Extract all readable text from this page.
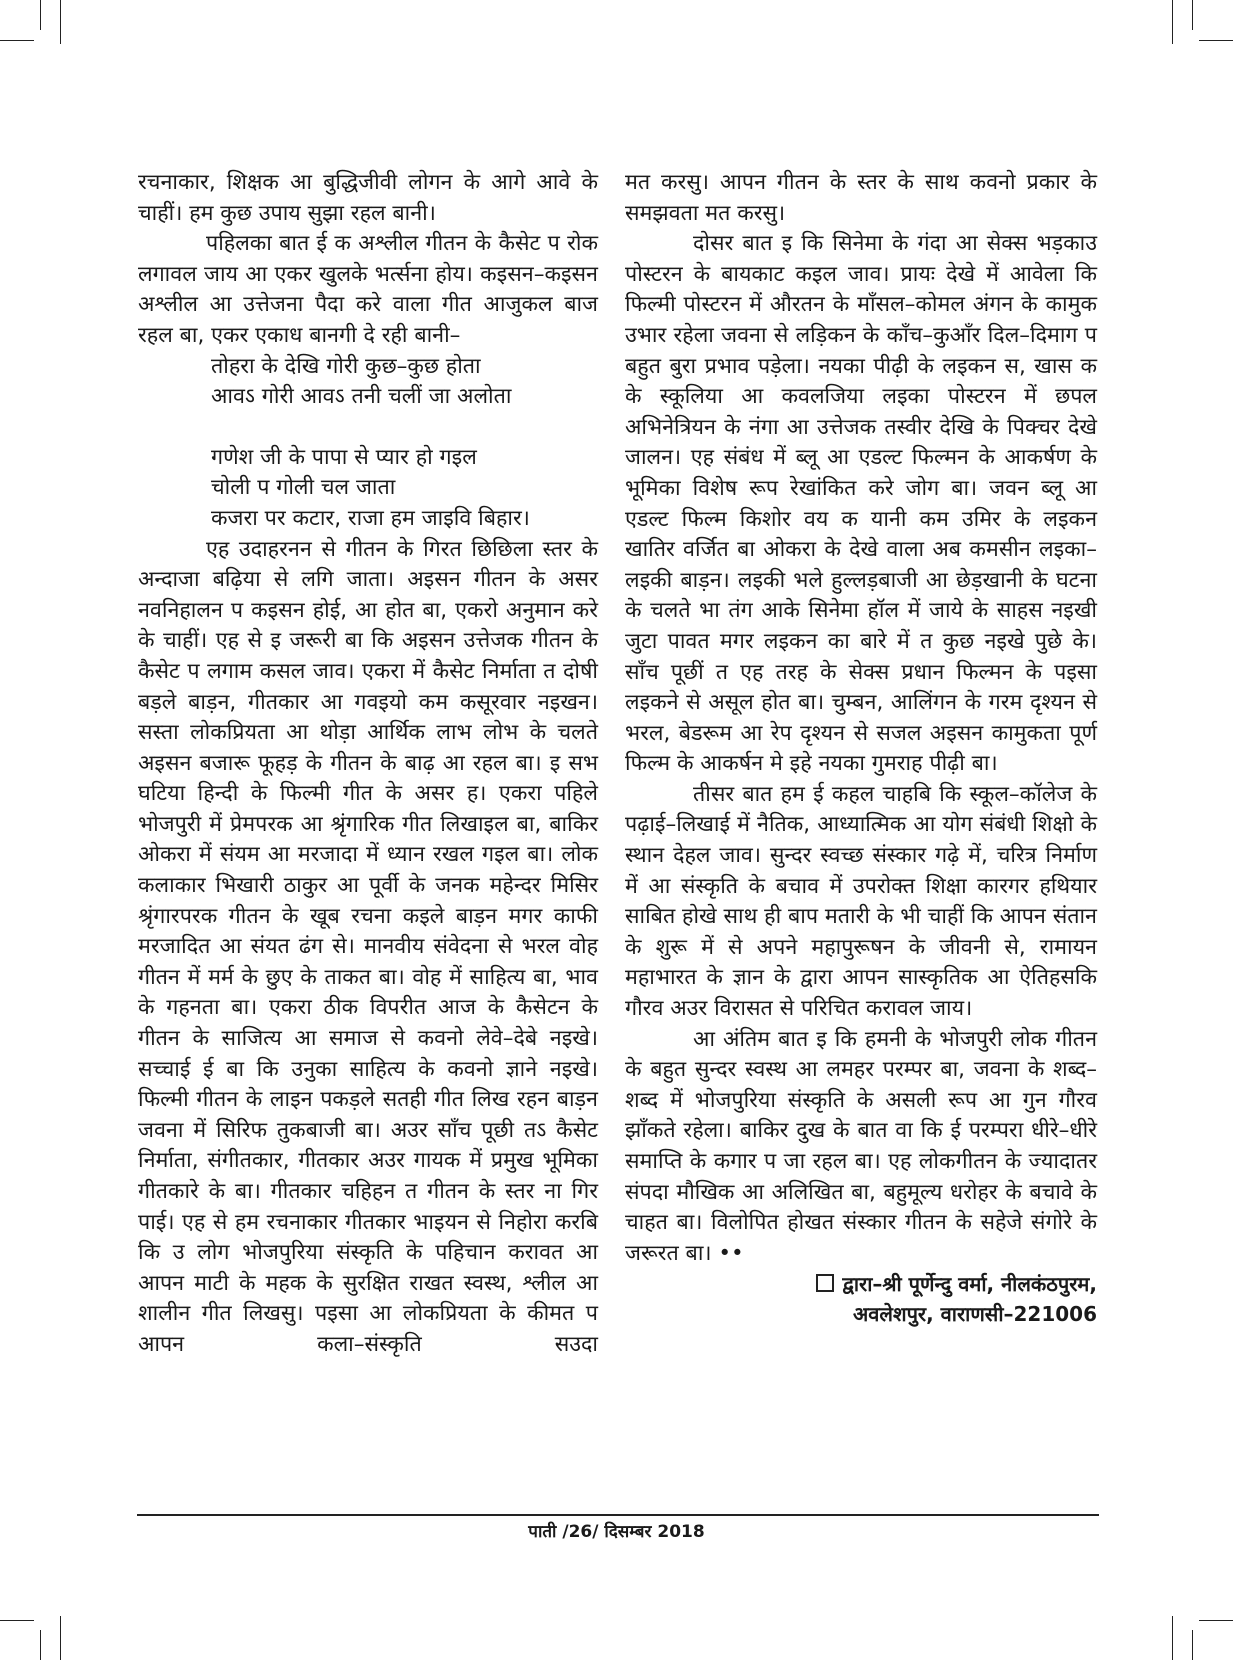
रचनाकार, शिक्षक आ बुद्धिजीवी लोगन के आगे आवे के चाहीं। हम कुछ उपाय सुझा रहल बानी।

पहिलका बात ई क अश्लील गीतन के कैसेट प रोक लगावल जाय आ एकर खुलके भर्त्सना होय। कइसन–कइसन अश्लील आ उत्तेजना पैदा करे वाला गीत आजुकल बाज रहल बा, एकर एकाध बानगी दे रही बानी–

तोहरा के देखि गोरी कुछ–कुछ होता

आवऽ गोरी आवऽ तनी चलीं जा अलोता

गणेश जी के पापा से प्यार हो गइल

चोली प गोली चल जाता

कजरा पर कटार, राजा हम जाइवि बिहार।

एह उदाहरनन से गीतन के गिरत छिछिला स्तर के अन्दाजा बढ़िया से लगि जाता। अइसन गीतन के असर नवनिहालन प कइसन होई, आ होत बा, एकरो अनुमान करे के चाहीं। एह से इ जरूरी बा कि अइसन उत्तेजक गीतन के कैसेट प लगाम कसल जाव। एकरा में कैसेट निर्माता त दोषी बड़ले बाड़न, गीतकार आ गवइयो कम कसूरवार नइखन। सस्ता लोकप्रियता आ थोड़ा आर्थिक लाभ लोभ के चलते अइसन बजारू फूहड़ के गीतन के बाढ़ आ रहल बा। इ सभ घटिया हिन्दी के फिल्मी गीत के असर ह। एकरा पहिले भोजपुरी में प्रेमपरक आ श्रृंगारिक गीत लिखाइल बा, बाकिर ओकरा में संयम आ मरजादा में ध्यान रखल गइल बा। लोक कलाकार भिखारी ठाकुर आ पूर्वी के जनक महेन्दर मिसिर श्रृंगारपरक गीतन के खूब रचना कइले बाड़न मगर काफी मरजादित आ संयत ढंग से। मानवीय संवेदना से भरल वोह गीतन में मर्म के छुए के ताकत बा। वोह में साहित्य बा, भाव के गहनता बा। एकरा ठीक विपरीत आज के कैसेटन के गीतन के साजित्य आ समाज से कवनो लेवे–देबे नइखे। सच्चाई ई बा कि उनुका साहित्य के कवनो ज्ञाने नइखे। फिल्मी गीतन के लाइन पकड़ले सतही गीत लिख रहन बाड़न जवना में सिरिफ तुकबाजी बा। अउर साँच पूछी तऽ कैसेट निर्माता, संगीतकार, गीतकार अउर गायक में प्रमुख भूमिका गीतकारे के बा। गीतकार चहिहन त गीतन के स्तर ना गिर पाई। एह से हम रचनाकार गीतकार भाइयन से निहोरा करबि कि उ लोग भोजपुरिया संस्कृति के पहिचान करावत आ आपन माटी के महक के सुरक्षित राखत स्वस्थ, श्लील आ शालीन गीत लिखसु। पइसा आ लोकप्रियता के कीमत प आपन कला–संस्कृति सउदा

मत करसु। आपन गीतन के स्तर के साथ कवनो प्रकार के समझवता मत करसु।

दोसर बात इ कि सिनेमा के गंदा आ सेक्स भड़काउ पोस्टरन के बायकाट कइल जाव। प्रायः देखे में आवेला कि फिल्मी पोस्टरन में औरतन के माँसल–कोमल अंगन के कामुक उभार रहेला जवना से लड़िकन के काँच–कुआँर दिल–दिमाग प बहुत बुरा प्रभाव पड़ेला। नयका पीढ़ी के लइकन स, खास क के स्कूलिया आ कवलजिया लइका पोस्टरन में छपल अभिनेत्रियन के नंगा आ उत्तेजक तस्वीर देखि के पिक्चर देखे जालन। एह संबंध में ब्लू आ एडल्ट फिल्मन के आकर्षण के भूमिका विशेष रूप रेखांकित करे जोग बा। जवन ब्लू आ एडल्ट फिल्म किशोर वय क यानी कम उमिर के लइकन खातिर वर्जित बा ओकरा के देखे वाला अब कमसीन लइका–लइकी बाड़न। लइकी भले हुल्लड़बाजी आ छेड़खानी के घटना के चलते भा तंग आके सिनेमा हॉल में जाये के साहस नइखी जुटा पावत मगर लइकन का बारे में त कुछ नइखे पुछे के। साँच पूछीं त एह तरह के सेक्स प्रधान फिल्मन के पइसा लइकने से असूल होत बा। चुम्बन, आलिंगन के गरम दृश्यन से भरल, बेडरूम आ रेप दृश्यन से सजल अइसन कामुकता पूर्ण फिल्म के आकर्षन मे इहे नयका गुमराह पीढ़ी बा।

तीसर बात हम ई कहल चाहबि कि स्कूल–कॉलेज के पढ़ाई–लिखाई में नैतिक, आध्यात्मिक आ योग संबंधी शिक्षो के स्थान देहल जाव। सुन्दर स्वच्छ संस्कार गढ़े में, चरित्र निर्माण में आ संस्कृति के बचाव में उपरोक्त शिक्षा कारगर हथियार साबित होखे साथ ही बाप मतारी के भी चाहीं कि आपन संतान के शुरू में से अपने महापुरूषन के जीवनी से, रामायन महाभारत के ज्ञान के द्वारा आपन सास्कृतिक आ ऐतिहसकि गौरव अउर विरासत से परिचित करावल जाय।

आ अंतिम बात इ कि हमनी के भोजपुरी लोक गीतन के बहुत सुन्दर स्वस्थ आ लमहर परम्पर बा, जवना के शब्द–शब्द में भोजपुरिया संस्कृति के असली रूप आ गुन गौरव झाँकते रहेला। बाकिर दुख के बात वा कि ई परम्परा धीरे–धीरे समाप्ति के कगार प जा रहल बा। एह लोकगीतन के ज्यादातर संपदा मौखिक आ अलिखित बा, बहुमूल्य धरोहर के बचावे के चाहत बा। विलोपित होखत संस्कार गीतन के सहेजे संगोरे के जरूरत बा। ••

द्वारा–श्री पूर्णेन्दु वर्मा, नीलकंठपुरम,
अवलेशपुर, वाराणसी–221006
पाती /26/ दिसम्बर 2018
